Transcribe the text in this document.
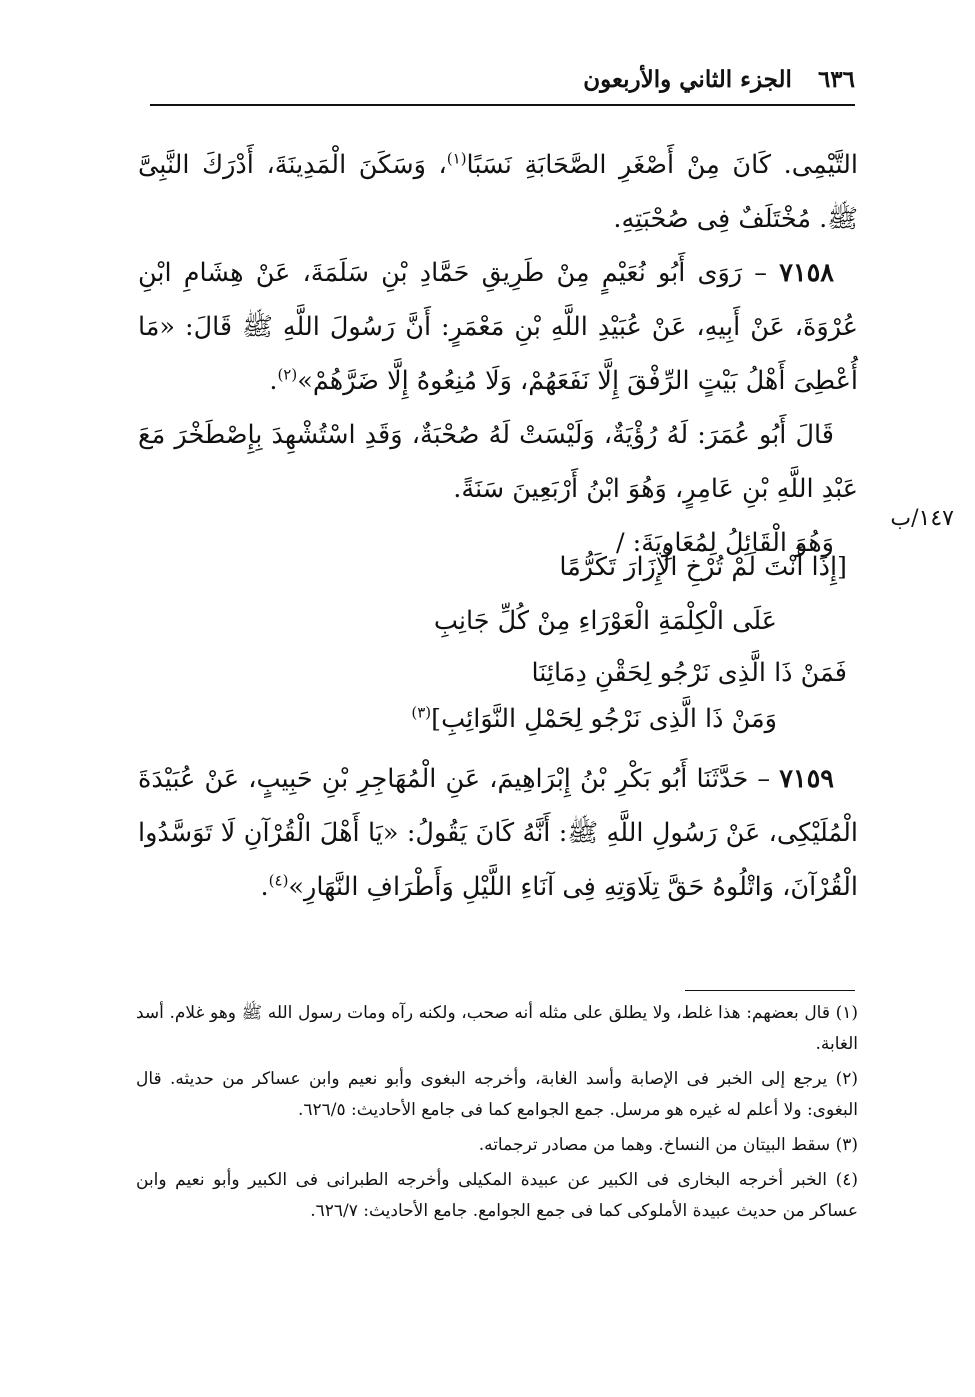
٦٣٦
الجزء الثاني والأربعون

التَّيْمِى. كَانَ مِنْ أَصْغَرِ الصَّحَابَةِ نَسَبًا$^{(١)}$، وَسَكَنَ الْمَدِينَةَ، أَدْرَكَ النَّبِىَّ ﷺ. مُخْتَلَفٌ فِى صُحْبَتِهِ.

٧١٥٨ – رَوَى أَبُو نُعَيْمٍ مِنْ طَرِيقِ حَمَّادِ بْنِ سَلَمَةَ، عَنْ هِشَامِ ابْنِ عُرْوَةَ، عَنْ أَبِيهِ، عَنْ عُبَيْدِ اللَّهِ بْنِ مَعْمَرٍ: أَنَّ رَسُولَ اللَّهِ ﷺ قَالَ: «مَا أُعْطِىَ أَهْلُ بَيْتٍ الرِّفْقَ إِلَّا نَفَعَهُمْ، وَلَا مُنِعُوهُ إِلَّا ضَرَّهُمْ»$^{(٢)}$.

قَالَ أَبُو عُمَرَ: لَهُ رُؤْيَةٌ، وَلَيْسَتْ لَهُ صُحْبَةٌ، وَقَدِ اسْتُشْهِدَ بِإِصْطَخْرَ مَعَ عَبْدِ اللَّهِ بْنِ عَامِرٍ، وَهُوَ ابْنُ أَرْبَعِينَ سَنَةً.

وَهُوَ الْقَائِلُ لِمُعَاوِيَةَ: /

١٤٧/ب
[إِذَا أَنْتَ لَمْ تُرْخِ الْإِزَارَ تَكَرُّمًا
عَلَى الْكِلْمَةِ الْعَوْرَاءِ مِنْ كُلِّ جَانِبِ
فَمَنْ ذَا الَّذِى نَرْجُو لِحَقْنِ دِمَائِنَا
وَمَنْ ذَا الَّذِى نَرْجُو لِحَمْلِ النَّوَائِبِ]$^{(٣)}$

٧١٥٩ – حَدَّثَنَا أَبُو بَكْرِ بْنُ إِبْرَاهِيمَ، عَنِ الْمُهَاجِرِ بْنِ حَبِيبٍ، عَنْ عُبَيْدَةَ الْمُلَيْكِى، عَنْ رَسُولِ اللَّهِ ﷺ: أَنَّهُ كَانَ يَقُولُ: «يَا أَهْلَ الْقُرْآنِ لَا تَوَسَّدُوا الْقُرْآنَ، وَاتْلُوهُ حَقَّ تِلَاوَتِهِ فِى آنَاءِ اللَّيْلِ وَأَطْرَافِ النَّهَارِ»$^{(٤)}$.

(١) قال بعضهم: هذا غلط، ولا يطلق على مثله أنه صحب، ولكنه رآه ومات رسول الله ﷺ وهو غلام. أسد الغابة.

(٢) يرجع إلى الخبر فى الإصابة وأسد الغابة، وأخرجه البغوى وأبو نعيم وابن عساكر من حديثه. قال البغوى: ولا أعلم له غيره هو مرسل. جمع الجوامع كما فى جامع الأحاديث: ٦٢٦/٥.

(٣) سقط البيتان من النساخ. وهما من مصادر ترجماته.

(٤) الخبر أخرجه البخارى فى الكبير عن عبيدة المكيلى وأخرجه الطبرانى فى الكبير وأبو نعيم وابن عساكر من حديث عبيدة الأملوكى كما فى جمع الجوامع. جامع الأحاديث: ٦٢٦/٧.
